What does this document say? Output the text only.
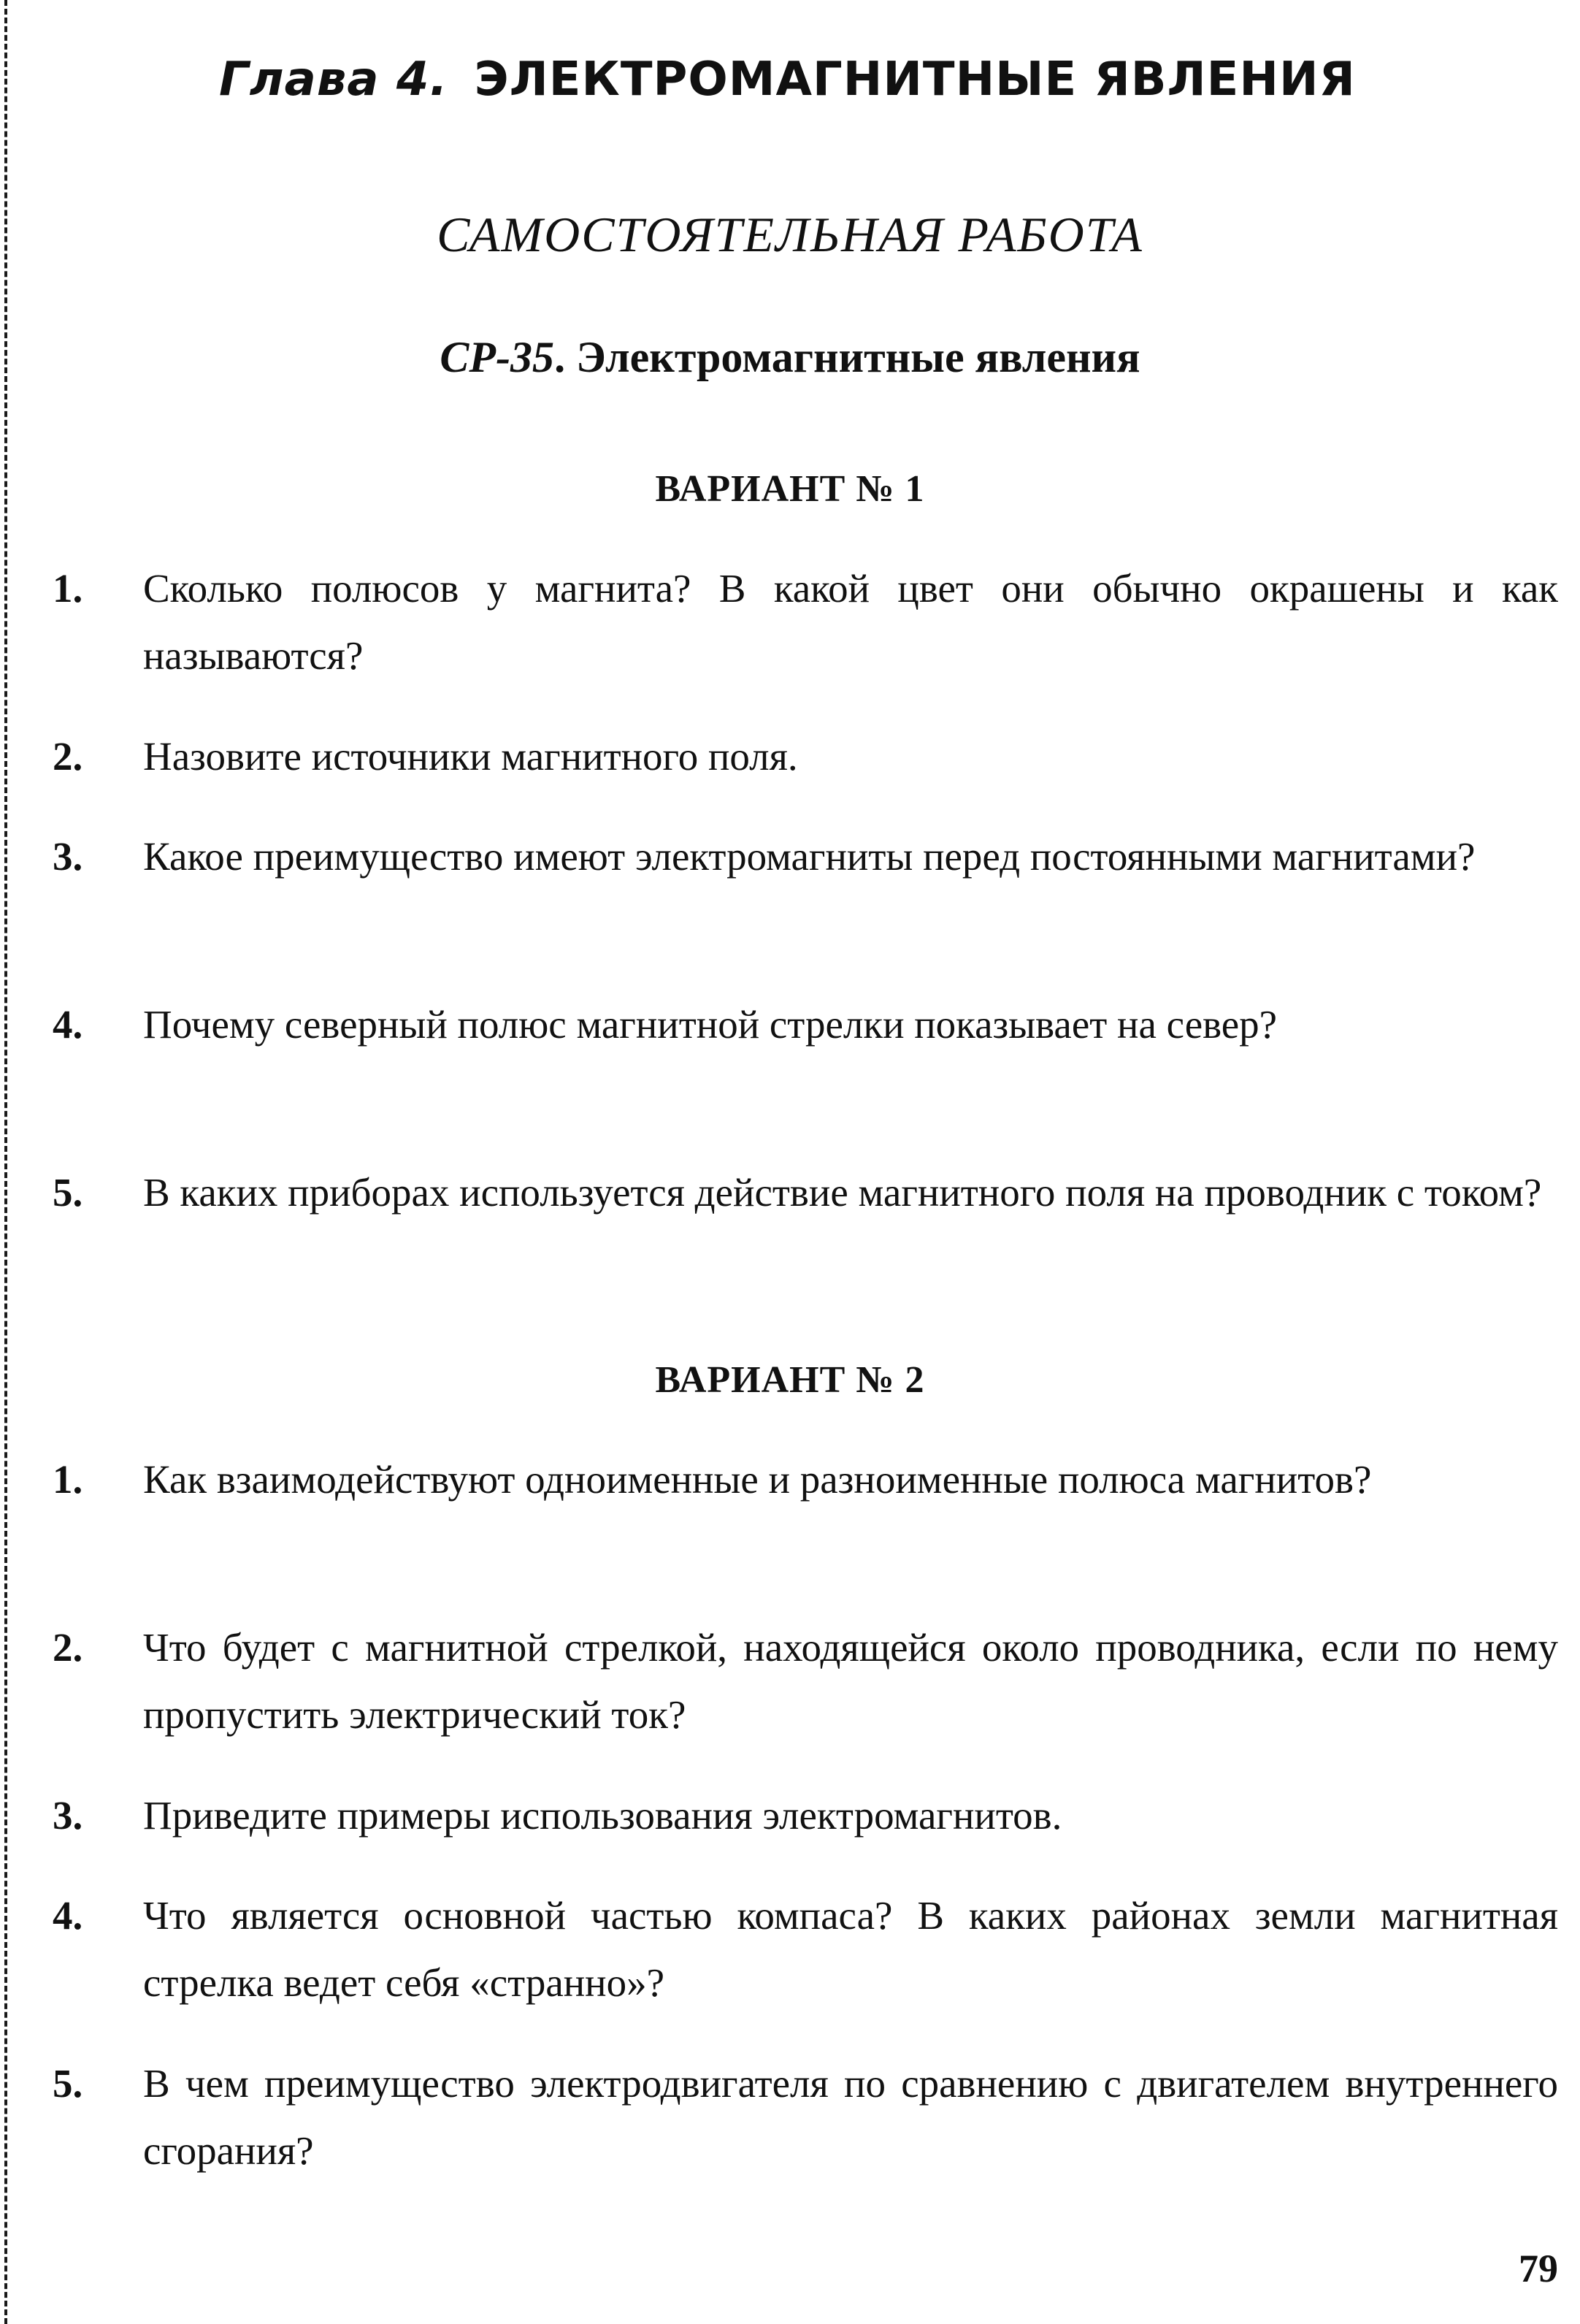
Глава 4. ЭЛЕКТРОМАГНИТНЫЕ ЯВЛЕНИЯ
САМОСТОЯТЕЛЬНАЯ РАБОТА
СР-35. Электромагнитные явления
ВАРИАНТ № 1
1. Сколько полюсов у магнита? В какой цвет они обычно окрашены и как называются?
2. Назовите источники магнитного поля.
3. Какое преимущество имеют электромагниты перед постоянными магнитами?
4. Почему северный полюс магнитной стрелки показывает на север?
5. В каких приборах используется действие магнитного поля на проводник с током?
ВАРИАНТ № 2
1. Как взаимодействуют одноименные и разноименные полюса магнитов?
2. Что будет с магнитной стрелкой, находящейся около проводника, если по нему пропустить электрический ток?
3. Приведите примеры использования электромагнитов.
4. Что является основной частью компаса? В каких районах земли магнитная стрелка ведет себя «странно»?
5. В чем преимущество электродвигателя по сравнению с двигателем внутреннего сгорания?
79
